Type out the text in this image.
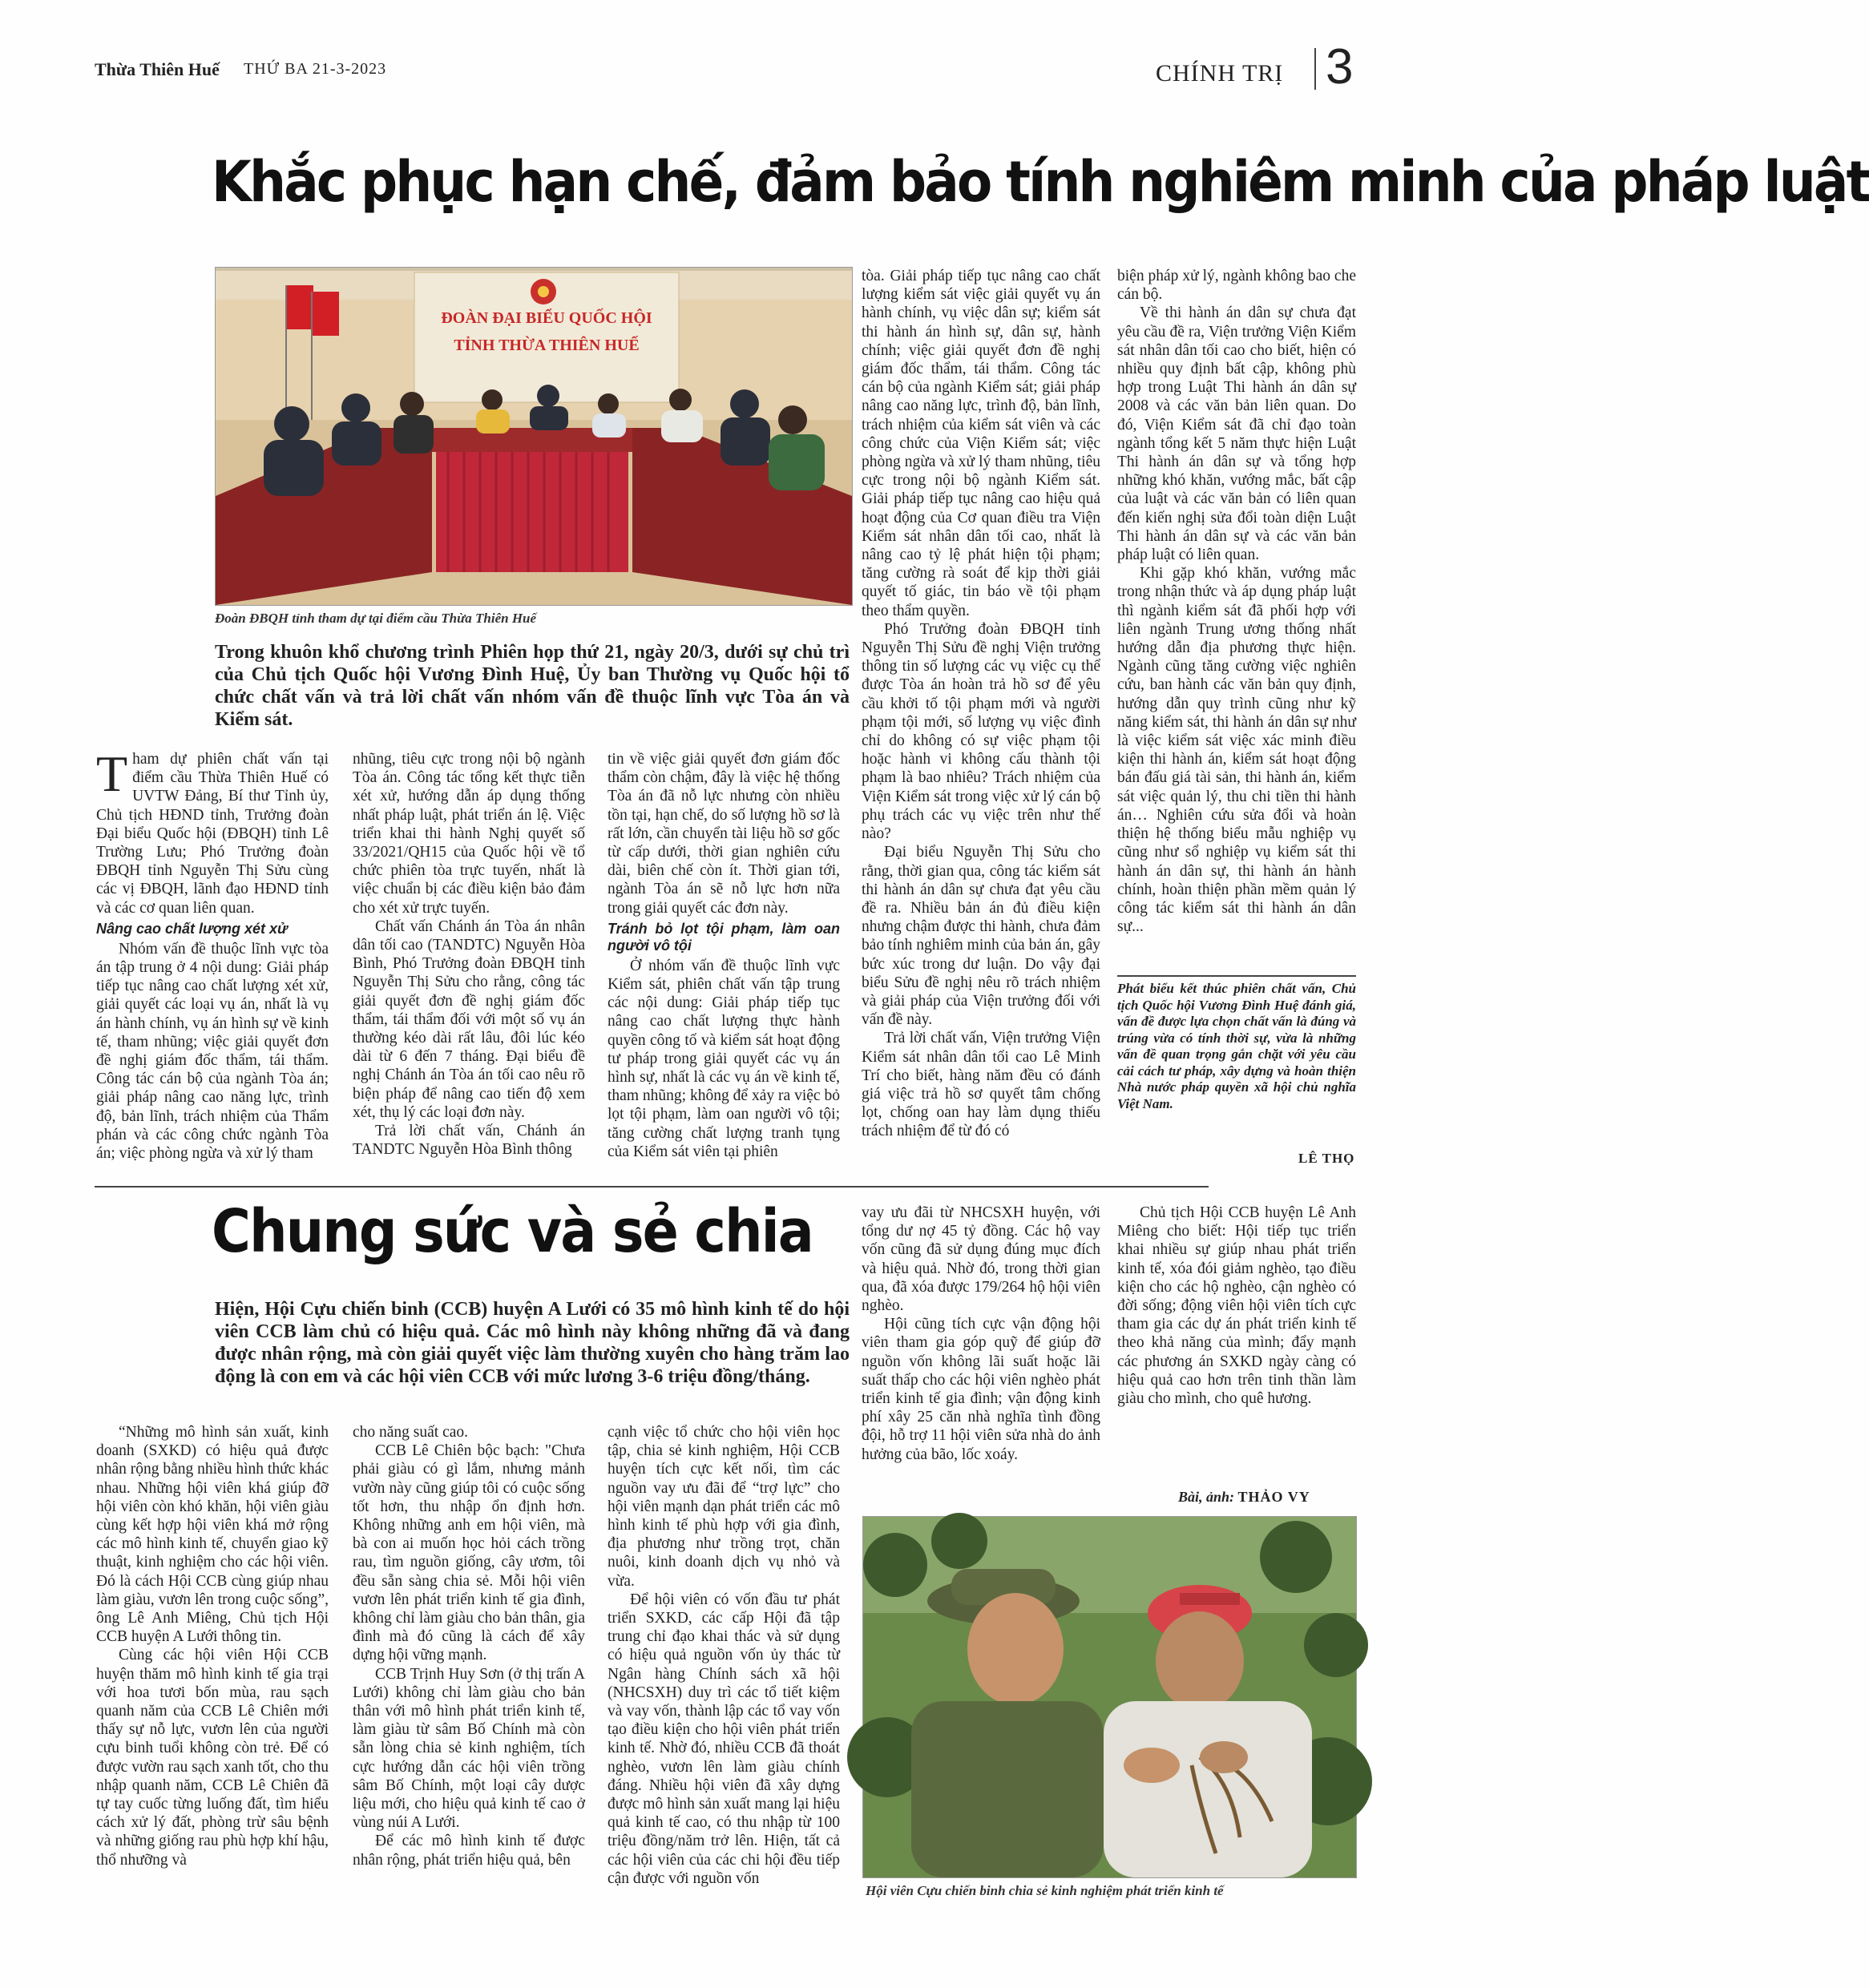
Thừa Thiên Huế THỨ BA 21-3-2023	CHÍNH TRỊ 3
Khắc phục hạn chế, đảm bảo tính nghiêm minh của pháp luật
ĐOÀN ĐẠI BIỂU QUỐC HỘI
TỈNH THỪA THIÊN HUẾ
Đoàn ĐBQH tỉnh tham dự tại điểm cầu Thừa Thiên Huế
Trong khuôn khổ chương trình Phiên họp thứ 21, ngày 20/3, dưới sự chủ trì của Chủ tịch Quốc hội Vương Đình Huệ, Ủy ban Thường vụ Quốc hội tổ chức chất vấn và trả lời chất vấn nhóm vấn đề thuộc lĩnh vực Tòa án và Kiểm sát.
T ham dự phiên chất vấn tại điểm cầu Thừa Thiên Huế có UVTW Đảng, Bí thư Tỉnh ủy, Chủ tịch HĐND tỉnh, Trưởng đoàn Đại biểu Quốc hội (ĐBQH) tỉnh Lê Trường Lưu; Phó Trưởng đoàn ĐBQH tỉnh Nguyễn Thị Sửu cùng các vị ĐBQH, lãnh đạo HĐND tỉnh và các cơ quan liên quan.

Nâng cao chất lượng xét xử

Nhóm vấn đề thuộc lĩnh vực tòa án tập trung ở 4 nội dung: Giải pháp tiếp tục nâng cao chất lượng xét xử, giải quyết các loại vụ án, nhất là vụ án hành chính, vụ án hình sự về kinh tế, tham nhũng; việc giải quyết đơn đề nghị giám đốc thẩm, tái thẩm. Công tác cán bộ của ngành Tòa án; giải pháp nâng cao năng lực, trình độ, bản lĩnh, trách nhiệm của Thẩm phán và các công chức ngành Tòa án; việc phòng ngừa và xử lý tham

nhũng, tiêu cực trong nội bộ ngành Tòa án. Công tác tổng kết thực tiễn xét xử, hướng dẫn áp dụng thống nhất pháp luật, phát triển án lệ. Việc triển khai thi hành Nghị quyết số 33/2021/QH15 của Quốc hội về tổ chức phiên tòa trực tuyến, nhất là việc chuẩn bị các điều kiện bảo đảm cho xét xử trực tuyến.

Chất vấn Chánh án Tòa án nhân dân tối cao (TANDTC) Nguyễn Hòa Bình, Phó Trưởng đoàn ĐBQH tỉnh Nguyễn Thị Sửu cho rằng, công tác giải quyết đơn đề nghị giám đốc thẩm, tái thẩm đối với một số vụ án thường kéo dài rất lâu, đôi lúc kéo dài từ 6 đến 7 tháng. Đại biểu đề nghị Chánh án Tòa án tối cao nêu rõ biện pháp để nâng cao tiến độ xem xét, thụ lý các loại đơn này.

Trả lời chất vấn, Chánh án TANDTC Nguyễn Hòa Bình thông

tin về việc giải quyết đơn giám đốc thẩm còn chậm, đây là việc hệ thống Tòa án đã nỗ lực nhưng còn nhiều tồn tại, hạn chế, do số lượng hồ sơ là rất lớn, cần chuyển tài liệu hồ sơ gốc từ cấp dưới, thời gian nghiên cứu dài, biên chế còn ít. Thời gian tới, ngành Tòa án sẽ nỗ lực hơn nữa trong giải quyết các đơn này.

Tránh bỏ lọt tội phạm, làm oan người vô tội

Ở nhóm vấn đề thuộc lĩnh vực Kiểm sát, phiên chất vấn tập trung các nội dung: Giải pháp tiếp tục nâng cao chất lượng thực hành quyền công tố và kiểm sát hoạt động tư pháp trong giải quyết các vụ án hình sự, nhất là các vụ án về kinh tế, tham nhũng; không để xảy ra việc bỏ lọt tội phạm, làm oan người vô tội; tăng cường chất lượng tranh tụng của Kiểm sát viên tại phiên

tòa. Giải pháp tiếp tục nâng cao chất lượng kiểm sát việc giải quyết vụ án hành chính, vụ việc dân sự; kiểm sát thi hành án hình sự, dân sự, hành chính; việc giải quyết đơn đề nghị giám đốc thẩm, tái thẩm. Công tác cán bộ của ngành Kiểm sát; giải pháp nâng cao năng lực, trình độ, bản lĩnh, trách nhiệm của kiểm sát viên và các công chức của Viện Kiểm sát; việc phòng ngừa và xử lý tham nhũng, tiêu cực trong nội bộ ngành Kiểm sát. Giải pháp tiếp tục nâng cao hiệu quả hoạt động của Cơ quan điều tra Viện Kiểm sát nhân dân tối cao, nhất là nâng cao tỷ lệ phát hiện tội phạm; tăng cường rà soát để kịp thời giải quyết tố giác, tin báo về tội phạm theo thẩm quyền.

Phó Trưởng đoàn ĐBQH tỉnh Nguyễn Thị Sửu đề nghị Viện trưởng thông tin số lượng các vụ việc cụ thể được Tòa án hoàn trả hồ sơ để yêu cầu khởi tố tội phạm mới và người phạm tội mới, số lượng vụ việc đình chỉ do không có sự việc phạm tội hoặc hành vi không cấu thành tội phạm là bao nhiêu? Trách nhiệm của Viện Kiểm sát trong việc xử lý cán bộ phụ trách các vụ việc trên như thế nào?

Đại biểu Nguyễn Thị Sửu cho rằng, thời gian qua, công tác kiểm sát thi hành án dân sự chưa đạt yêu cầu đề ra. Nhiều bản án đủ điều kiện nhưng chậm được thi hành, chưa đảm bảo tính nghiêm minh của bản án, gây bức xúc trong dư luận. Do vậy đại biểu Sửu đề nghị nêu rõ trách nhiệm và giải pháp của Viện trưởng đối với vấn đề này.

Trả lời chất vấn, Viện trưởng Viện Kiểm sát nhân dân tối cao Lê Minh Trí cho biết, hàng năm đều có đánh giá việc trả hồ sơ quyết tâm chống lọt, chống oan hay làm dụng thiếu trách nhiệm để từ đó có

biện pháp xử lý, ngành không bao che cán bộ.

Về thi hành án dân sự chưa đạt yêu cầu đề ra, Viện trưởng Viện Kiểm sát nhân dân tối cao cho biết, hiện có nhiều quy định bất cập, không phù hợp trong Luật Thi hành án dân sự 2008 và các văn bản liên quan. Do đó, Viện Kiểm sát đã chỉ đạo toàn ngành tổng kết 5 năm thực hiện Luật Thi hành án dân sự và tổng hợp những khó khăn, vướng mắc, bất cập của luật và các văn bản có liên quan đến kiến nghị sửa đổi toàn diện Luật Thi hành án dân sự và các văn bản pháp luật có liên quan.

Khi gặp khó khăn, vướng mắc trong nhận thức và áp dụng pháp luật thì ngành kiểm sát đã phối hợp với liên ngành Trung ương thống nhất hướng dẫn địa phương thực hiện. Ngành cũng tăng cường việc nghiên cứu, ban hành các văn bản quy định, hướng dẫn quy trình cũng như kỹ năng kiểm sát, thi hành án dân sự như là việc kiểm sát việc xác minh điều kiện thi hành án, kiểm sát hoạt động bán đấu giá tài sản, thi hành án, kiểm sát việc quản lý, thu chi tiền thi hành án… Nghiên cứu sửa đổi và hoàn thiện hệ thống biểu mẫu nghiệp vụ cũng như sổ nghiệp vụ kiểm sát thi hành án dân sự, thi hành án hành chính, hoàn thiện phần mềm quản lý công tác kiểm sát thi hành án dân sự...

Phát biểu kết thúc phiên chất vấn, Chủ tịch Quốc hội Vương Đình Huệ đánh giá, vấn đề được lựa chọn chất vấn là đúng và trúng vừa có tính thời sự, vừa là những vấn đề quan trọng gắn chặt với yêu cầu cải cách tư pháp, xây dựng và hoàn thiện Nhà nước pháp quyền xã hội chủ nghĩa Việt Nam.
LÊ THỌ
Chung sức và sẻ chia
Hiện, Hội Cựu chiến binh (CCB) huyện A Lưới có 35 mô hình kinh tế do hội viên CCB làm chủ có hiệu quả. Các mô hình này không những đã và đang được nhân rộng, mà còn giải quyết việc làm thường xuyên cho hàng trăm lao động là con em và các hội viên CCB với mức lương 3-6 triệu đồng/tháng.

“Những mô hình sản xuất, kinh doanh (SXKD) có hiệu quả được nhân rộng bằng nhiều hình thức khác nhau. Những hội viên khá giúp đỡ hội viên còn khó khăn, hội viên giàu cùng kết hợp hội viên khá mở rộng các mô hình kinh tế, chuyển giao kỹ thuật, kinh nghiệm cho các hội viên. Đó là cách Hội CCB cùng giúp nhau làm giàu, vươn lên trong cuộc sống”, ông Lê Anh Miêng, Chủ tịch Hội CCB huyện A Lưới thông tin.

Cùng các hội viên Hội CCB huyện thăm mô hình kinh tế gia trại với hoa tươi bốn mùa, rau sạch quanh năm của CCB Lê Chiên mới thấy sự nỗ lực, vươn lên của người cựu binh tuổi không còn trẻ. Để có được vườn rau sạch xanh tốt, cho thu nhập quanh năm, CCB Lê Chiên đã tự tay cuốc từng luống đất, tìm hiểu cách xử lý đất, phòng trừ sâu bệnh và những giống rau phù hợp khí hậu, thổ nhưỡng và

cho năng suất cao.

CCB Lê Chiên bộc bạch: "Chưa phải giàu có gì lắm, nhưng mảnh vườn này cũng giúp tôi có cuộc sống tốt hơn, thu nhập ổn định hơn. Không những anh em hội viên, mà bà con ai muốn học hỏi cách trồng rau, tìm nguồn giống, cây ươm, tôi đều sẵn sàng chia sẻ. Mỗi hội viên vươn lên phát triển kinh tế gia đình, không chỉ làm giàu cho bản thân, gia đình mà đó cũng là cách để xây dựng hội vững mạnh.

CCB Trịnh Huy Sơn (ở thị trấn A Lưới) không chỉ làm giàu cho bản thân với mô hình phát triển kinh tế, làm giàu từ sâm Bố Chính mà còn sẵn lòng chia sẻ kinh nghiệm, tích cực hướng dẫn các hội viên trồng sâm Bố Chính, một loại cây dược liệu mới, cho hiệu quả kinh tế cao ở vùng núi A Lưới.

Để các mô hình kinh tế được nhân rộng, phát triển hiệu quả, bên

cạnh việc tổ chức cho hội viên học tập, chia sẻ kinh nghiệm, Hội CCB huyện tích cực kết nối, tìm các nguồn vay ưu đãi để “trợ lực” cho hội viên mạnh dạn phát triển các mô hình kinh tế phù hợp với gia đình, địa phương như trồng trọt, chăn nuôi, kinh doanh dịch vụ nhỏ và vừa.

Để hội viên có vốn đầu tư phát triển SXKD, các cấp Hội đã tập trung chỉ đạo khai thác và sử dụng có hiệu quả nguồn vốn ủy thác từ Ngân hàng Chính sách xã hội (NHCSXH) duy trì các tổ tiết kiệm và vay vốn, thành lập các tổ vay vốn tạo điều kiện cho hội viên phát triển kinh tế. Nhờ đó, nhiều CCB đã thoát nghèo, vươn lên làm giàu chính đáng. Nhiều hội viên đã xây dựng được mô hình sản xuất mang lại hiệu quả kinh tế cao, có thu nhập từ 100 triệu đồng/năm trở lên. Hiện, tất cả các hội viên của các chi hội đều tiếp cận được với nguồn vốn

vay ưu đãi từ NHCSXH huyện, với tổng dư nợ 45 tỷ đồng. Các hộ vay vốn cũng đã sử dụng đúng mục đích và hiệu quả. Nhờ đó, trong thời gian qua, đã xóa được 179/264 hộ hội viên nghèo.

Hội cũng tích cực vận động hội viên tham gia góp quỹ để giúp đỡ nguồn vốn không lãi suất hoặc lãi suất thấp cho các hội viên nghèo phát triển kinh tế gia đình; vận động kinh phí xây 25 căn nhà nghĩa tình đồng đội, hỗ trợ 11 hội viên sửa nhà do ảnh hưởng của bão, lốc xoáy.

Chủ tịch Hội CCB huyện Lê Anh Miêng cho biết: Hội tiếp tục triển khai nhiều sự giúp nhau phát triển kinh tế, xóa đói giảm nghèo, tạo điều kiện cho các hộ nghèo, cận nghèo có đời sống; động viên hội viên tích cực tham gia các dự án phát triển kinh tế theo khả năng của mình; đẩy mạnh các phương án SXKD ngày càng có hiệu quả cao hơn trên tinh thần làm giàu cho mình, cho quê hương.

Bài, ảnh: THẢO VY
Hội viên Cựu chiến binh chia sẻ kinh nghiệm phát triển kinh tế
